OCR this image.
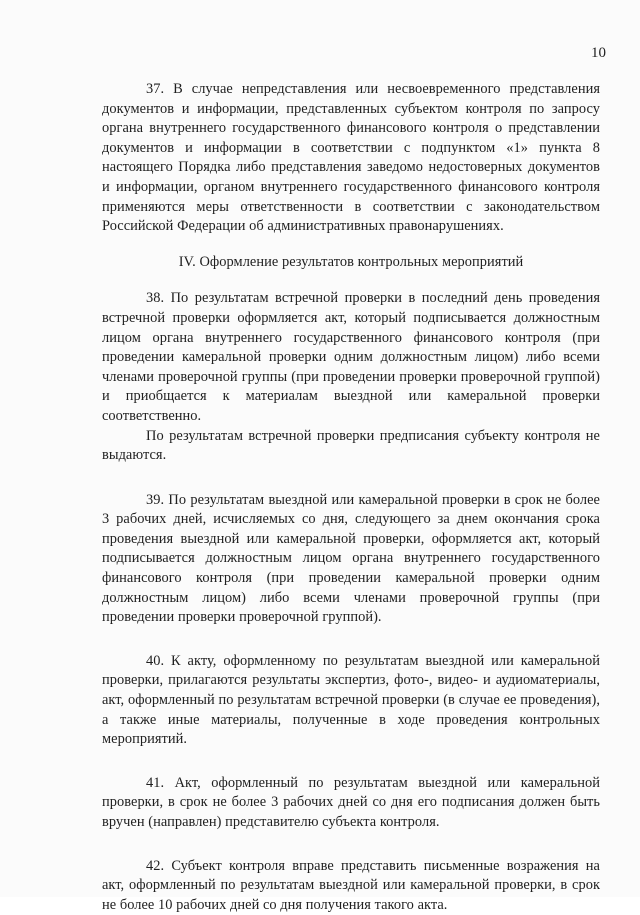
10

37. В случае непредставления или несвоевременного представления документов и информации, представленных субъектом контроля по запросу органа внутреннего государственного финансового контроля о представлении документов и информации в соответствии с подпунктом «1» пункта 8 настоящего Порядка либо представления заведомо недостоверных документов и информации, органом внутреннего государственного финансового контроля применяются меры ответственности в соответствии с законодательством Российской Федерации об административных правонарушениях.

IV. Оформление результатов контрольных мероприятий

38. По результатам встречной проверки в последний день проведения встречной проверки оформляется акт, который подписывается должностным лицом органа внутреннего государственного финансового контроля (при проведении камеральной проверки одним должностным лицом) либо всеми членами проверочной группы (при проведении проверки проверочной группой) и приобщается к материалам выездной или камеральной проверки соответственно.

По результатам встречной проверки предписания субъекту контроля не выдаются.

39. По результатам выездной или камеральной проверки в срок не более 3 рабочих дней, исчисляемых со дня, следующего за днем окончания срока проведения выездной или камеральной проверки, оформляется акт, который подписывается должностным лицом органа внутреннего государственного финансового контроля (при проведении камеральной проверки одним должностным лицом) либо всеми членами проверочной группы (при проведении проверки проверочной группой).

40. К акту, оформленному по результатам выездной или камеральной проверки, прилагаются результаты экспертиз, фото-, видео- и аудиоматериалы, акт, оформленный по результатам встречной проверки (в случае ее проведения), а также иные материалы, полученные в ходе проведения контрольных мероприятий.

41. Акт, оформленный по результатам выездной или камеральной проверки, в срок не более 3 рабочих дней со дня его подписания должен быть вручен (направлен) представителю субъекта контроля.

42. Субъект контроля вправе представить письменные возражения на акт, оформленный по результатам выездной или камеральной проверки, в срок не более 10 рабочих дней со дня получения такого акта.
